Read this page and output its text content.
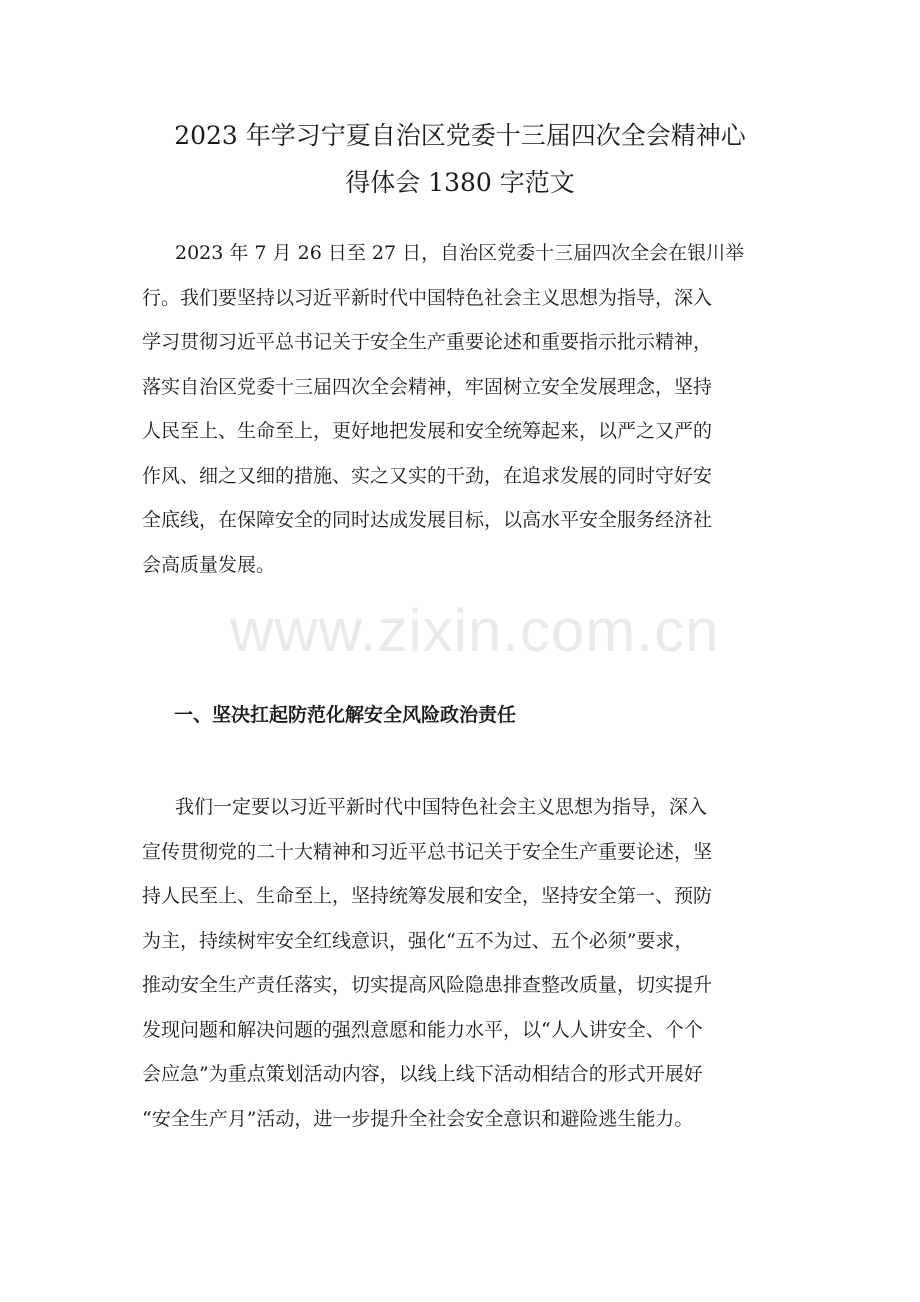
2023 年学习宁夏自治区党委十三届四次全会精神心
得体会 1380 字范文

2023 年 7 月 26 日至 27 日，自治区党委十三届四次全会在银川举
行。我们要坚持以习近平新时代中国特色社会主义思想为指导，深入
学习贯彻习近平总书记关于安全生产重要论述和重要指示批示精神，
落实自治区党委十三届四次全会精神，牢固树立安全发展理念，坚持
人民至上、生命至上，更好地把发展和安全统筹起来，以严之又严的
作风、细之又细的措施、实之又实的干劲，在追求发展的同时守好安
全底线，在保障安全的同时达成发展目标，以高水平安全服务经济社
会高质量发展。

www.zixin.com.cn
一、坚决扛起防范化解安全风险政治责任

我们一定要以习近平新时代中国特色社会主义思想为指导，深入
宣传贯彻党的二十大精神和习近平总书记关于安全生产重要论述，坚
持人民至上、生命至上，坚持统筹发展和安全，坚持安全第一、预防
为主，持续树牢安全红线意识，强化“五不为过、五个必须”要求，
推动安全生产责任落实，切实提高风险隐患排查整改质量，切实提升
发现问题和解决问题的强烈意愿和能力水平，以“人人讲安全、个个
会应急”为重点策划活动内容，以线上线下活动相结合的形式开展好
“安全生产月”活动，进一步提升全社会安全意识和避险逃生能力。
